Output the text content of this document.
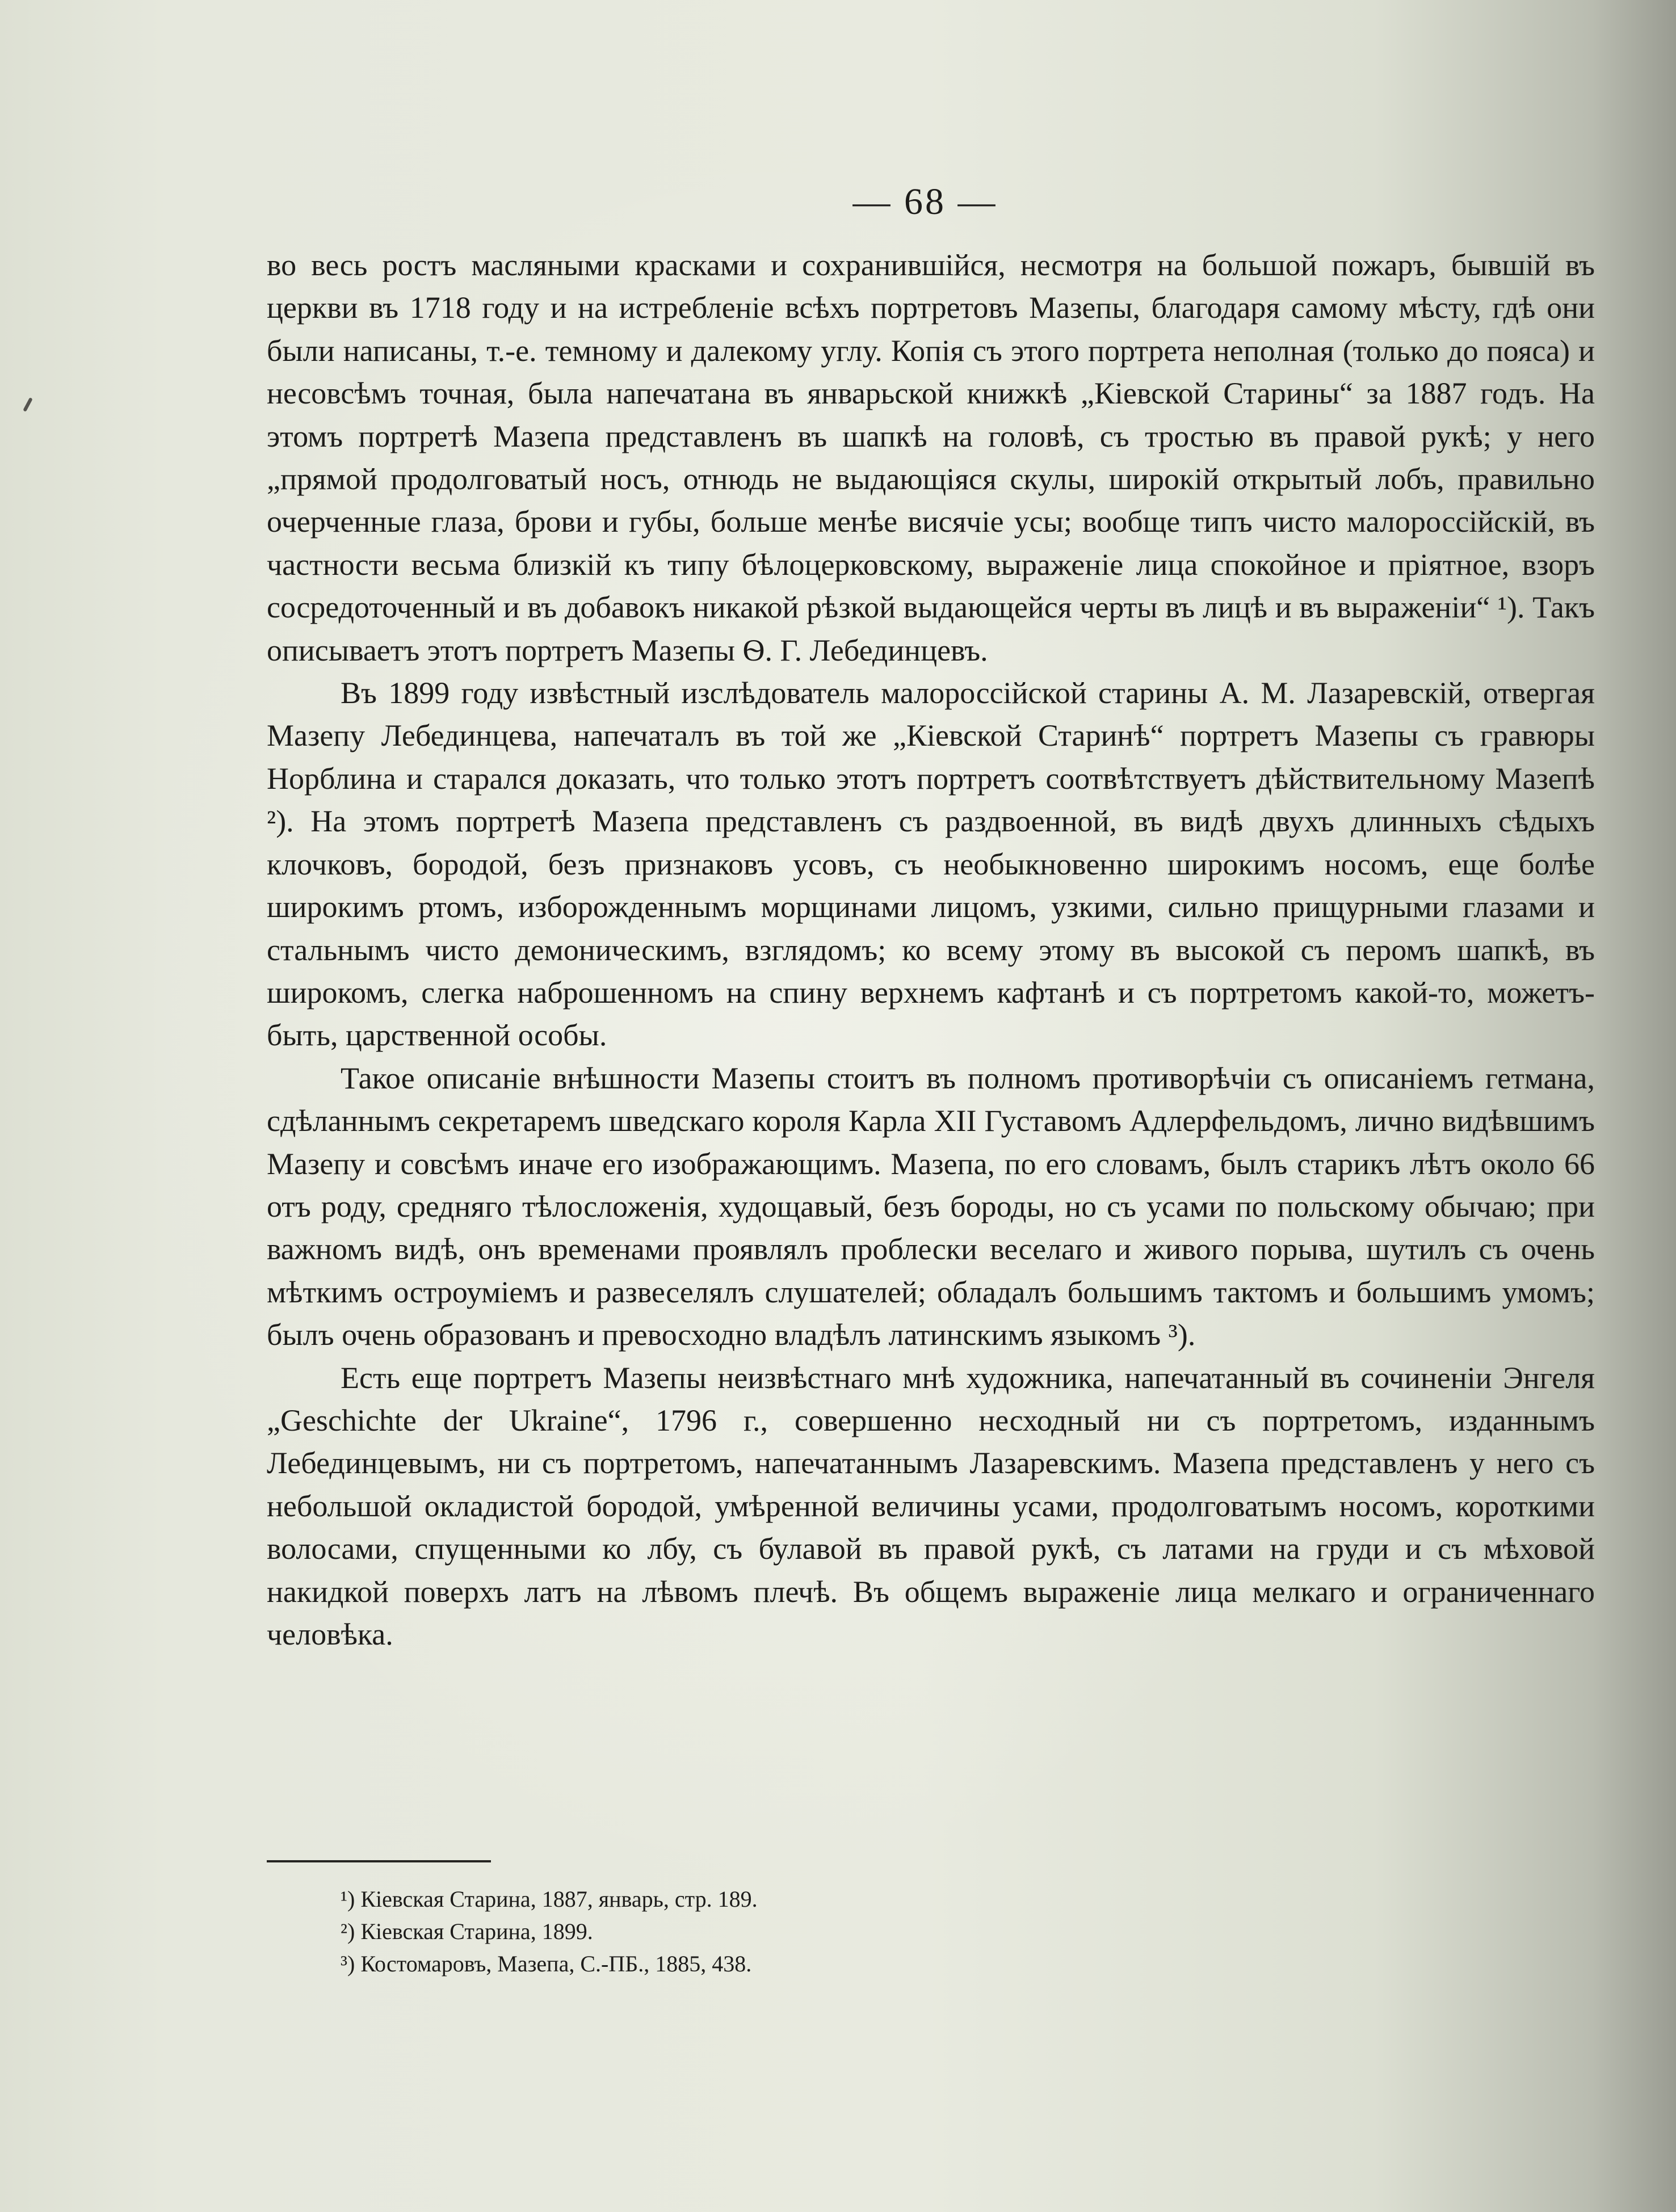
— 68 —

во весь ростъ масляными красками и сохранившійся, несмотря на большой пожаръ, бывшій въ церкви въ 1718 году и на истребленіе всѣхъ портретовъ Мазепы, благодаря самому мѣсту, гдѣ они были написаны, т.-е. темному и далекому углу. Копія съ этого портрета неполная (только до пояса) и несовсѣмъ точная, была напечатана въ январьской книжкѣ „Кіевской Старины“ за 1887 годъ. На этомъ портретѣ Мазепа представленъ въ шапкѣ на головѣ, съ тростью въ правой рукѣ; у него „прямой продолговатый носъ, отнюдь не выдающіяся скулы, широкій открытый лобъ, правильно очерченные глаза, брови и губы, больше менѣе висячіе усы; вообще типъ чисто малороссійскій, въ частности весьма близкій къ типу бѣлоцерковскому, выраженіе лица спокойное и пріятное, взоръ сосредоточенный и въ добавокъ никакой рѣзкой выдающейся черты въ лицѣ и въ выраженіи“ ¹). Такъ описываетъ этотъ портретъ Мазепы Ѳ. Г. Лебединцевъ.

Въ 1899 году извѣстный изслѣдователь малороссійской старины А. М. Лазаревскій, отвергая Мазепу Лебединцева, напечаталъ въ той же „Кіевской Старинѣ“ портретъ Мазепы съ гравюры Норблина и старался доказать, что только этотъ портретъ соотвѣтствуетъ дѣйствительному Мазепѣ ²). На этомъ портретѣ Мазепа представленъ съ раздвоенной, въ видѣ двухъ длинныхъ сѣдыхъ клочковъ, бородой, безъ признаковъ усовъ, съ необыкновенно широкимъ носомъ, еще болѣе широкимъ ртомъ, изборожденнымъ морщинами лицомъ, узкими, сильно прищурными глазами и стальнымъ чисто демоническимъ, взглядомъ; ко всему этому въ высокой съ перомъ шапкѣ, въ широкомъ, слегка наброшенномъ на спину верхнемъ кафтанѣ и съ портретомъ какой-то, можетъ-быть, царственной особы.

Такое описаніе внѣшности Мазепы стоитъ въ полномъ противорѣчіи съ описаніемъ гетмана, сдѣланнымъ секретаремъ шведскаго короля Карла XII Густавомъ Адлерфельдомъ, лично видѣвшимъ Мазепу и совсѣмъ иначе его изображающимъ. Мазепа, по его словамъ, былъ старикъ лѣтъ около 66 отъ роду, средняго тѣлосложенія, худощавый, безъ бороды, но съ усами по польскому обычаю; при важномъ видѣ, онъ временами проявлялъ проблески веселаго и живого порыва, шутилъ съ очень мѣткимъ остроуміемъ и развеселялъ слушателей; обладалъ большимъ тактомъ и большимъ умомъ; былъ очень образованъ и превосходно владѣлъ латинскимъ языкомъ ³).

Есть еще портретъ Мазепы неизвѣстнаго мнѣ художника, напечатанный въ сочиненіи Энгеля „Geschichte der Ukraine“, 1796 г., совершенно несходный ни съ портретомъ, изданнымъ Лебединцевымъ, ни съ портретомъ, напечатаннымъ Лазаревскимъ. Мазепа представленъ у него съ небольшой окладистой бородой, умѣренной величины усами, продолговатымъ носомъ, короткими волосами, спущенными ко лбу, съ булавой въ правой рукѣ, съ латами на груди и съ мѣховой накидкой поверхъ латъ на лѣвомъ плечѣ. Въ общемъ выраженіе лица мелкаго и ограниченнаго человѣка.

¹) Кіевская Старина, 1887, январь, стр. 189.
²) Кіевская Старина, 1899.
³) Костомаровъ, Мазепа, С.-ПБ., 1885, 438.
